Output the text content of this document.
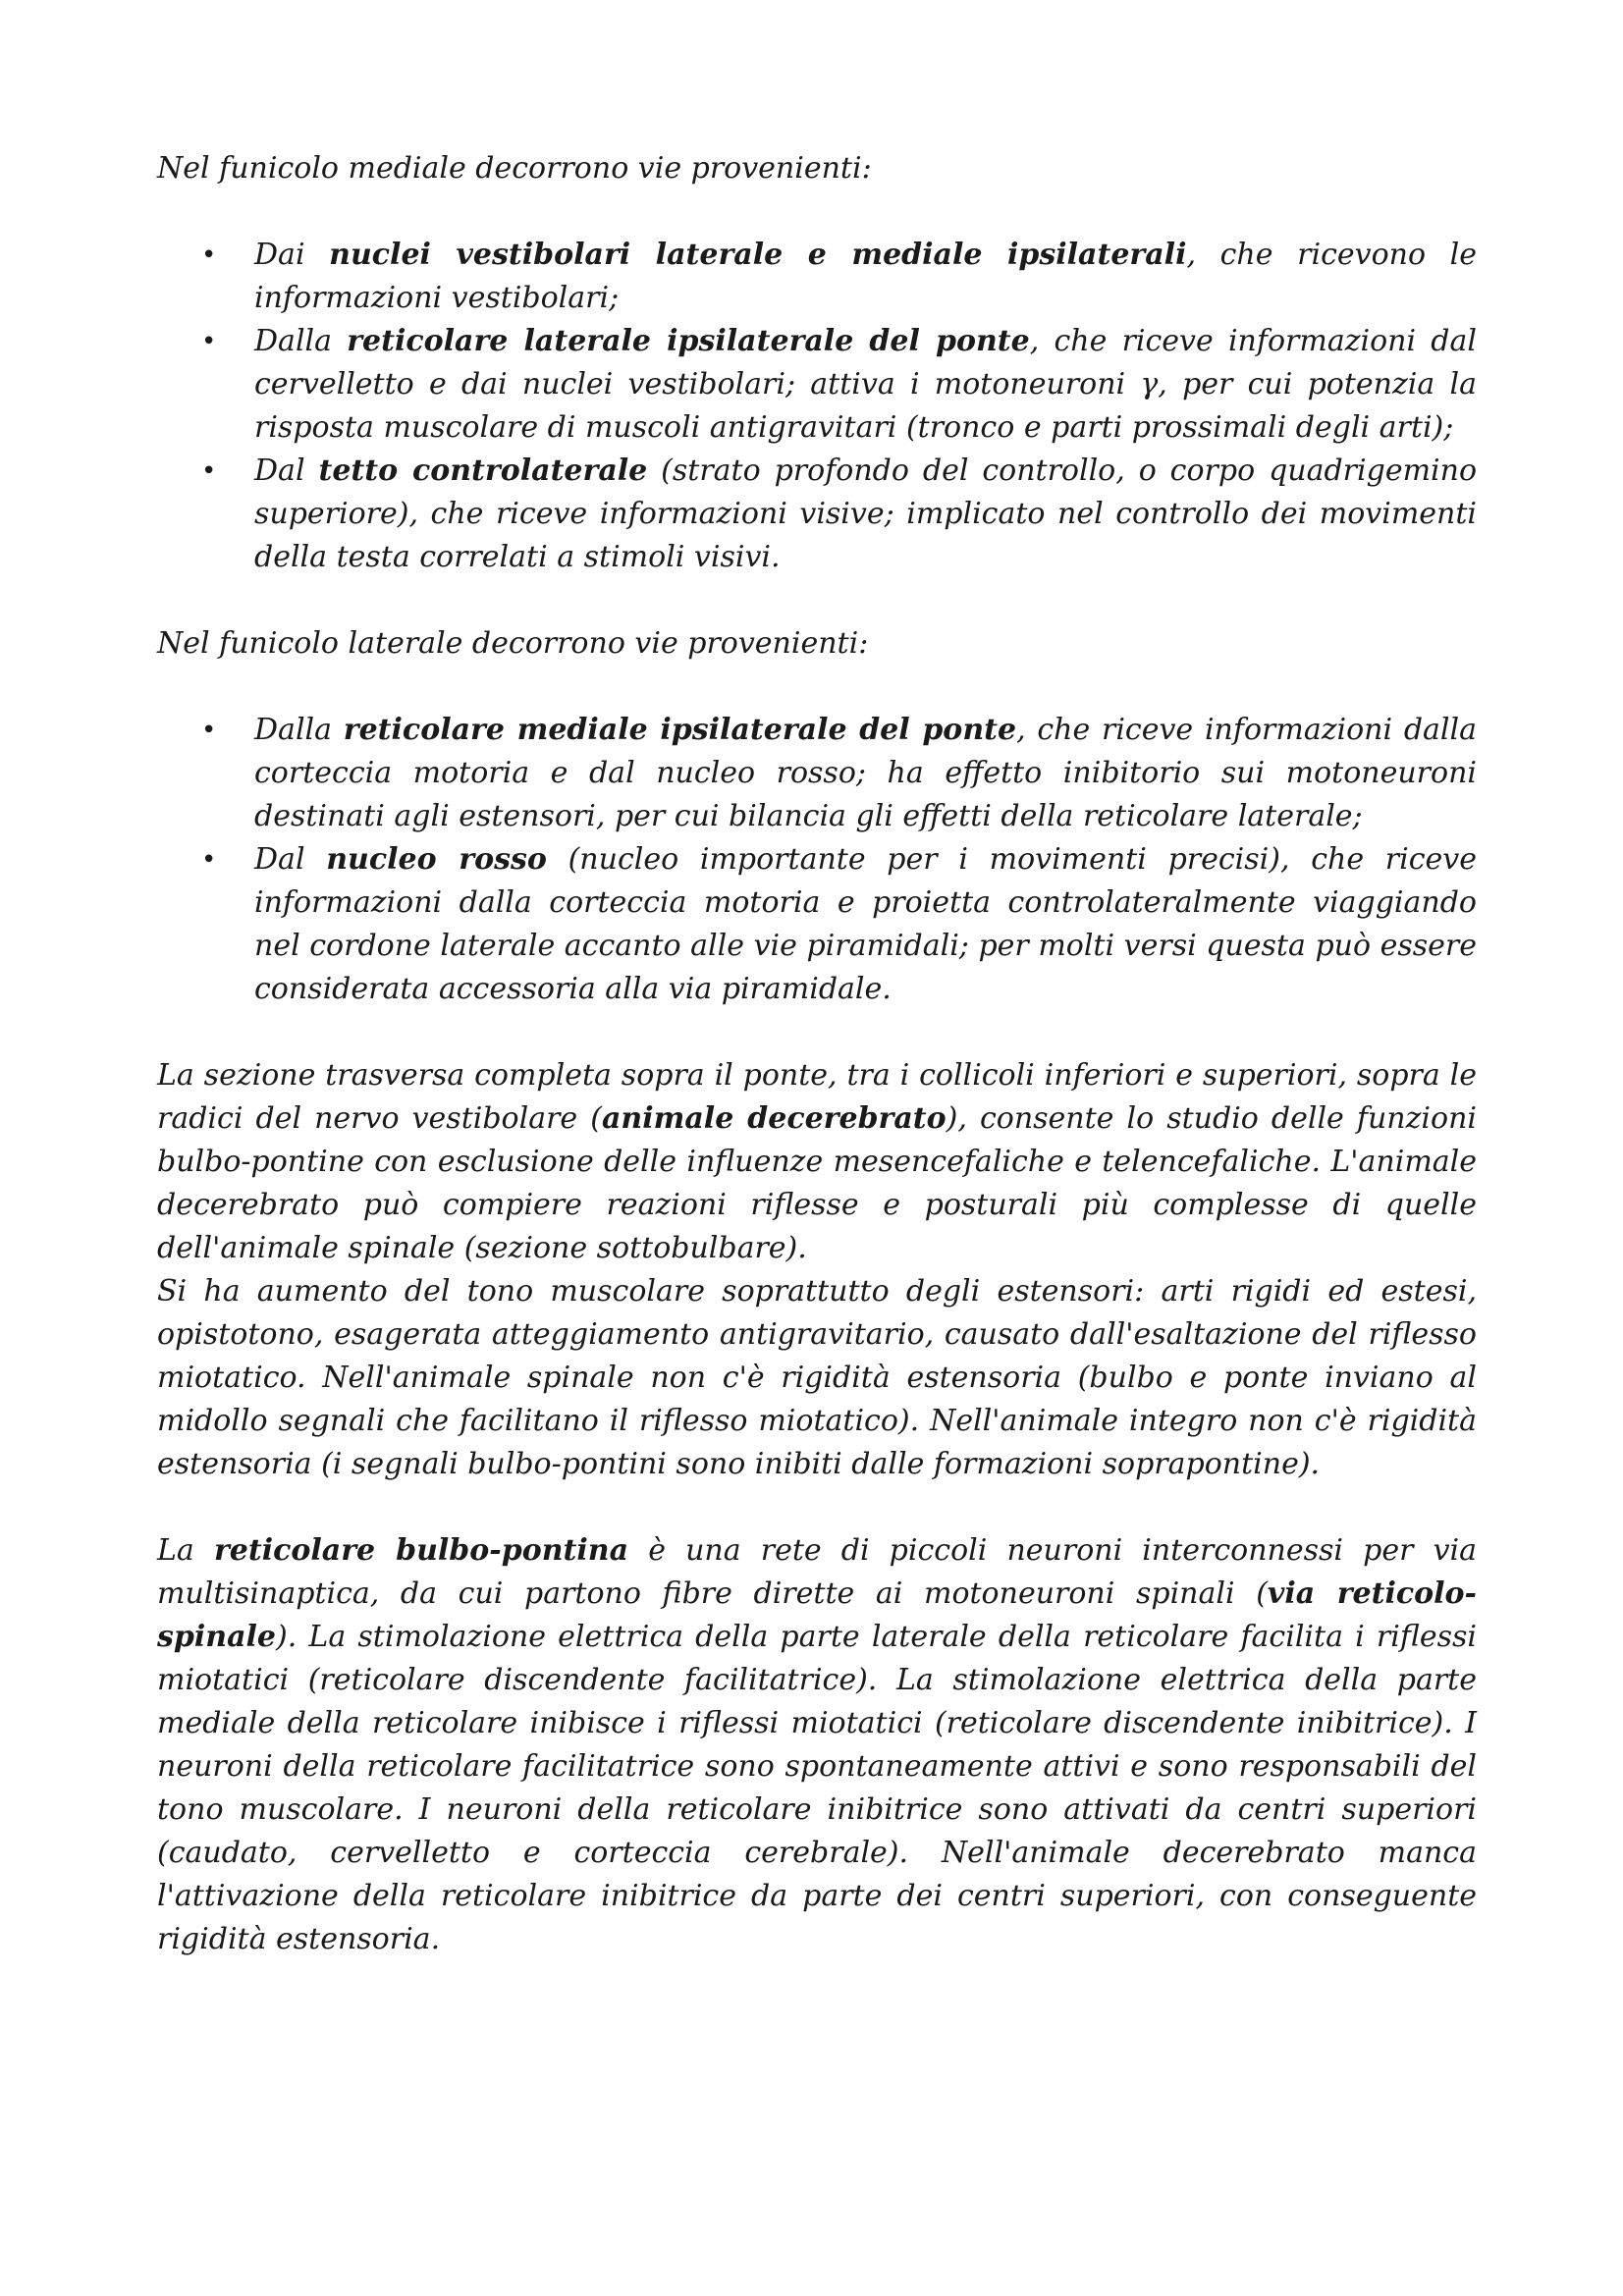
Nel funicolo mediale decorrono vie provenienti:

• Dai nuclei vestibolari laterale e mediale ipsilaterali, che ricevono le informazioni vestibolari;
• Dalla reticolare laterale ipsilaterale del ponte, che riceve informazioni dal cervelletto e dai nuclei vestibolari; attiva i motoneuroni γ, per cui potenzia la risposta muscolare di muscoli antigravitari (tronco e parti prossimali degli arti);
• Dal tetto controlaterale (strato profondo del controllo, o corpo quadrigemino superiore), che riceve informazioni visive; implicato nel controllo dei movimenti della testa correlati a stimoli visivi.

Nel funicolo laterale decorrono vie provenienti:

• Dalla reticolare mediale ipsilaterale del ponte, che riceve informazioni dalla corteccia motoria e dal nucleo rosso; ha effetto inibitorio sui motoneuroni destinati agli estensori, per cui bilancia gli effetti della reticolare laterale;
• Dal nucleo rosso (nucleo importante per i movimenti precisi), che riceve informazioni dalla corteccia motoria e proietta controlateralmente viaggiando nel cordone laterale accanto alle vie piramidali; per molti versi questa può essere considerata accessoria alla via piramidale.

La sezione trasversa completa sopra il ponte, tra i collicoli inferiori e superiori, sopra le radici del nervo vestibolare (animale decerebrato), consente lo studio delle funzioni bulbo-pontine con esclusione delle influenze mesencefaliche e telencefaliche. L'animale decerebrato può compiere reazioni riflesse e posturali più complesse di quelle dell'animale spinale (sezione sottobulbare).

Si ha aumento del tono muscolare soprattutto degli estensori: arti rigidi ed estesi, opistotono, esagerata atteggiamento antigravitario, causato dall'esaltazione del riflesso miotatico. Nell'animale spinale non c'è rigidità estensoria (bulbo e ponte inviano al midollo segnali che facilitano il riflesso miotatico). Nell'animale integro non c'è rigidità estensoria (i segnali bulbo-pontini sono inibiti dalle formazioni soprapontine).

La reticolare bulbo-pontina è una rete di piccoli neuroni interconnessi per via multisinaptica, da cui partono fibre dirette ai motoneuroni spinali (via reticolo-spinale). La stimolazione elettrica della parte laterale della reticolare facilita i riflessi miotatici (reticolare discendente facilitatrice). La stimolazione elettrica della parte mediale della reticolare inibisce i riflessi miotatici (reticolare discendente inibitrice). I neuroni della reticolare facilitatrice sono spontaneamente attivi e sono responsabili del tono muscolare. I neuroni della reticolare inibitrice sono attivati da centri superiori (caudato, cervelletto e corteccia cerebrale). Nell'animale decerebrato manca l'attivazione della reticolare inibitrice da parte dei centri superiori, con conseguente rigidità estensoria.
